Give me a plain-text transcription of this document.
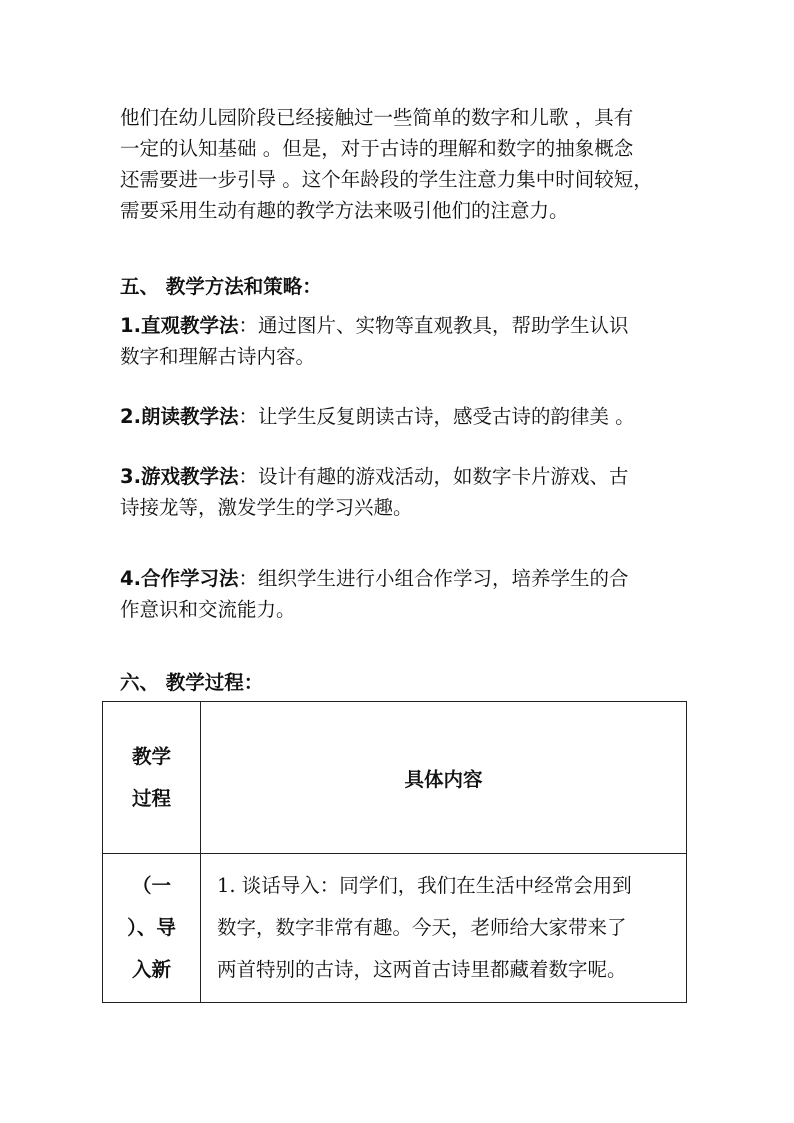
他们在幼儿园阶段已经接触过一些简单的数字和儿歌 ，具有
一定的认知基础 。但是，对于古诗的理解和数字的抽象概念
还需要进一步引导 。这个年龄段的学生注意力集中时间较短，
需要采用生动有趣的教学方法来吸引他们的注意力。

五、 教学方法和策略：

1.直观教学法：通过图片、实物等直观教具，帮助学生认识
数字和理解古诗内容。

2.朗读教学法：让学生反复朗读古诗，感受古诗的韵律美 。

3.游戏教学法：设计有趣的游戏活动，如数字卡片游戏、古
诗接龙等，激发学生的学习兴趣。

4.合作学习法：组织学生进行小组合作学习，培养学生的合
作意识和交流能力。

六、 教学过程：
教学
过程	具体内容

（一
）、导
入新	1. 谈话导入：同学们，我们在生活中经常会用到
数字，数字非常有趣。今天，老师给大家带来了
两首特别的古诗，这两首古诗里都藏着数字呢。
